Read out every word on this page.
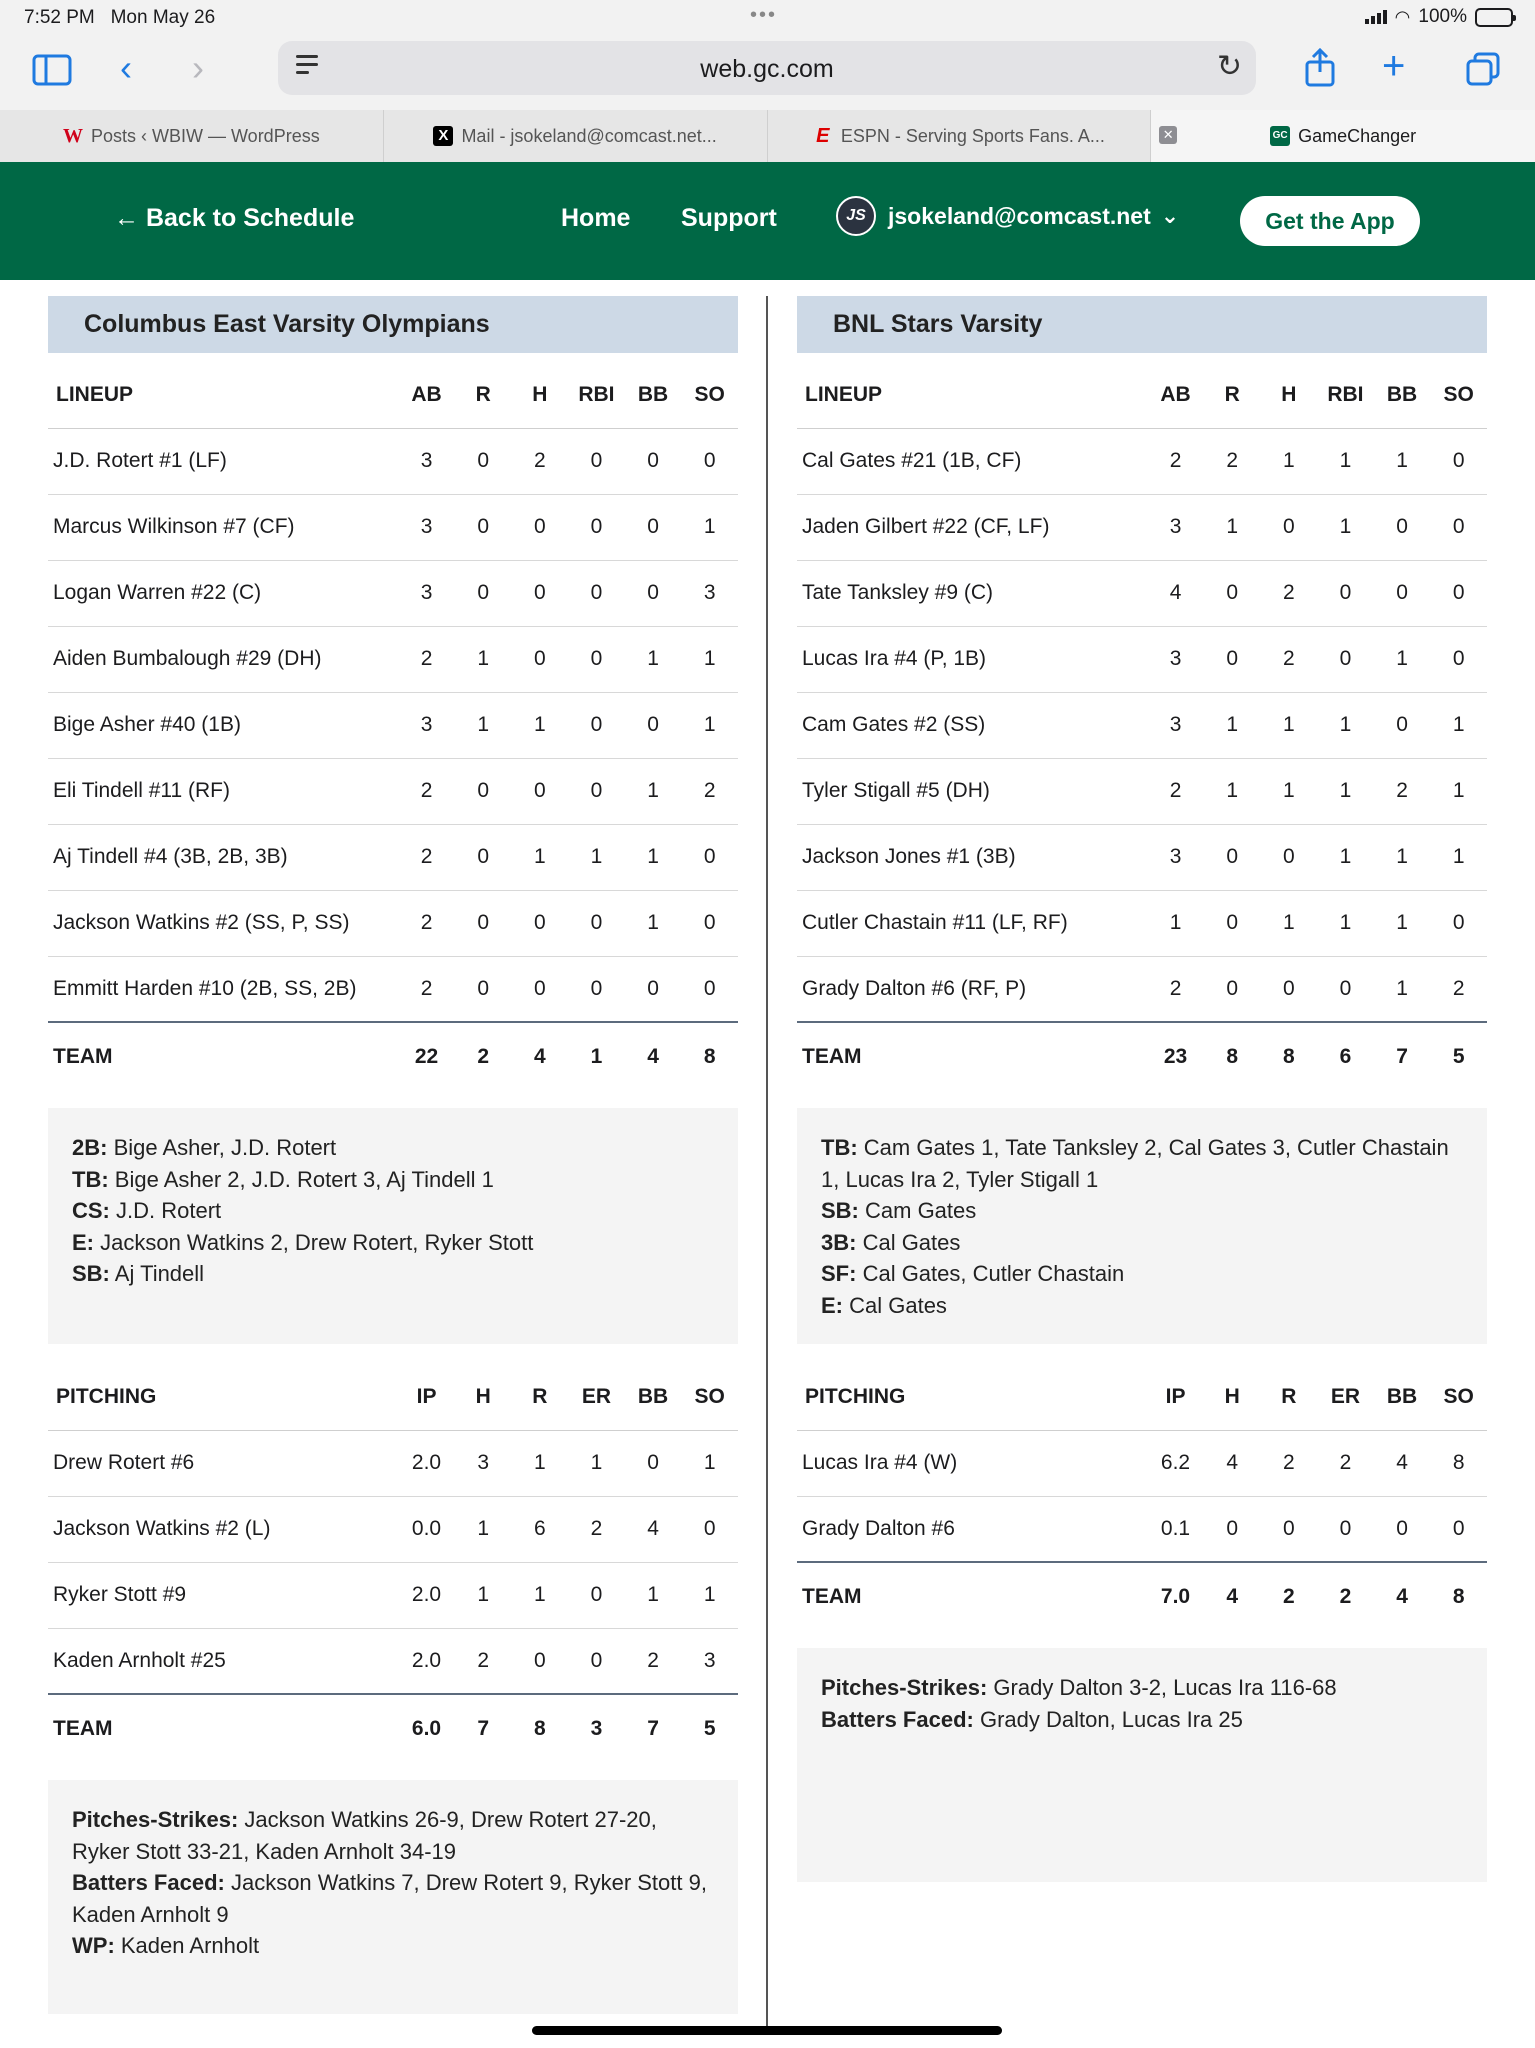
7:52 PM Mon May 26	•••	◠ 100%
‹ ›	web.gc.com	↻	+
W Posts ‹ WBIW — WordPress	X Mail - jsokeland@comcast.net...	E ESPN - Serving Sports Fans. A...	✕	GC GameChanger
← Back to Schedule	Home Support	JS jsokeland@comcast.net ⌄	Get the App
Columbus East Varsity Olympians
LINEUP	AB	R	H	RBI	BB	SO
J.D. Rotert #1 (LF)	3	0	2	0	0	0
Marcus Wilkinson #7 (CF)	3	0	0	0	0	1
Logan Warren #22 (C)	3	0	0	0	0	3
Aiden Bumbalough #29 (DH)	2	1	0	0	1	1
Bige Asher #40 (1B)	3	1	1	0	0	1
Eli Tindell #11 (RF)	2	0	0	0	1	2
Aj Tindell #4 (3B, 2B, 3B)	2	0	1	1	1	0
Jackson Watkins #2 (SS, P, SS)	2	0	0	0	1	0
Emmitt Harden #10 (2B, SS, 2B)	2	0	0	0	0	0
TEAM	22	2	4	1	4	8
2B: Bige Asher, J.D. Rotert
TB: Bige Asher 2, J.D. Rotert 3, Aj Tindell 1
CS: J.D. Rotert
E: Jackson Watkins 2, Drew Rotert, Ryker Stott
SB: Aj Tindell
PITCHING	IP	H	R	ER	BB	SO
Drew Rotert #6	2.0	3	1	1	0	1
Jackson Watkins #2 (L)	0.0	1	6	2	4	0
Ryker Stott #9	2.0	1	1	0	1	1
Kaden Arnholt #25	2.0	2	0	0	2	3
TEAM	6.0	7	8	3	7	5
Pitches-Strikes: Jackson Watkins 26-9, Drew Rotert 27-20, Ryker Stott 33-21, Kaden Arnholt 34-19
Batters Faced: Jackson Watkins 7, Drew Rotert 9, Ryker Stott 9, Kaden Arnholt 9
WP: Kaden Arnholt
BNL Stars Varsity
LINEUP	AB	R	H	RBI	BB	SO
Cal Gates #21 (1B, CF)	2	2	1	1	1	0
Jaden Gilbert #22 (CF, LF)	3	1	0	1	0	0
Tate Tanksley #9 (C)	4	0	2	0	0	0
Lucas Ira #4 (P, 1B)	3	0	2	0	1	0
Cam Gates #2 (SS)	3	1	1	1	0	1
Tyler Stigall #5 (DH)	2	1	1	1	2	1
Jackson Jones #1 (3B)	3	0	0	1	1	1
Cutler Chastain #11 (LF, RF)	1	0	1	1	1	0
Grady Dalton #6 (RF, P)	2	0	0	0	1	2
TEAM	23	8	8	6	7	5
TB: Cam Gates 1, Tate Tanksley 2, Cal Gates 3, Cutler Chastain 1, Lucas Ira 2, Tyler Stigall 1
SB: Cam Gates
3B: Cal Gates
SF: Cal Gates, Cutler Chastain
E: Cal Gates
PITCHING	IP	H	R	ER	BB	SO
Lucas Ira #4 (W)	6.2	4	2	2	4	8
Grady Dalton #6	0.1	0	0	0	0	0
TEAM	7.0	4	2	2	4	8
Pitches-Strikes: Grady Dalton 3-2, Lucas Ira 116-68
Batters Faced: Grady Dalton, Lucas Ira 25
